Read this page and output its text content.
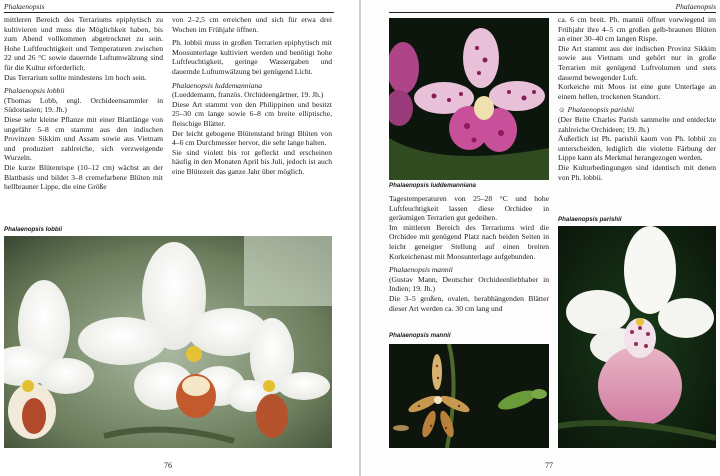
Phalaenopsis

mittleren Bereich des Terrariums epiphytisch zu kultivieren und muss die Möglichkeit haben, bis zum Abend vollkommen abgetrocknet zu sein. Hohe Luftfeuchtigkeit und Temperaturen zwischen 22 und 26 °C sowie dauernde Luftumwälzung sind für die Kultur erforderlich.

Das Terrarium sollte mindestens 1m hoch sein.

Phalaenopsis lobbii

(Thomas Lobb, engl. Orchideensammler in Südostasien; 19. Jh.)

Diese sehr kleine Pflanze mit einer Blattlänge von ungefähr 5–8 cm stammt aus den indischen Provinzen Sikkim und Assam sowie aus Vietnam und produziert zahlreiche, sich verzweigende Wurzeln.

Die kurze Blütenrispe (10–12 cm) wächst an der Blattbasis und bildet 3–8 cremefarbene Blüten mit hellbrauner Lippe, die eine Größe

von 2–2,5 cm erreichen und sich für etwa drei Wochen im Frühjahr öffnen.

Ph. lobbii muss in großen Terrarien epiphytisch mit Moosunterlage kultiviert werden und benötigt hohe Luftfeuchtigkeit, geringe Wassergaben und dauernde Luftumwälzung bei genügend Licht.

Phalaenopsis luddemanniana

(Lueddemann, französ. Orchideengärtner, 19. Jh.)

Diese Art stammt von den Philippinen und besitzt 25–30 cm lange sowie 6–8 cm breite elliptische, fleischige Blätter.

Der leicht gebogene Blütenstand bringt Blüten von 4–6 cm Durchmesser hervor, die sehr lange halten.

Sie sind violett bis rot gefleckt und erscheinen häufig in den Monaten April bis Juli, jedoch ist auch eine Blütezeit das ganze Jahr über möglich.

Phalaenopsis lobbii
76
Phalaenopsis
Phalaenopsis luddemanniana

Tagestemperaturen von 25–28 °C und hohe Luftfeuchtigkeit lassen diese Orchidee in geräumigen Terrarien gut gedeihen.

Im mittleren Bereich des Terrariums wird die Orchidee mit genügend Platz nach beiden Seiten in leicht geneigter Stellung auf einen breiten Korkeichenast mit Moosunterlage aufgebunden.

Phalaenopsis mannii

(Gustav Mann, Deutscher Orchideenliebhaber in Indien; 19. Jh.)

Die 3–5 großen, ovalen, herabhängenden Blätter dieser Art werden ca. 30 cm lang und

Phalaenopsis mannii

ca. 6 cm breit. Ph. mannii öffnet vorwiegend im Frühjahr ihre 4–5 cm großen gelb-braunen Blüten an einer 30–40 cm langen Rispe.

Die Art stammt aus der indischen Provinz Sikkim sowie aus Vietnam und gehört nur in große Terrarien mit genügend Luftvolumen und stets dauernd bewegender Luft.

Korkeiche mit Moos ist eine gute Unterlage an einem hellen, trockenen Standort.

☺ Phalaenopsis parishii

(Der Brite Charles Parish sammelte und entdeckte zahlreiche Orchideen; 19. Jh.)

Äußerlich ist Ph. parishii kaum von Ph. lobbii zu unterscheiden, lediglich die violette Färbung der Lippe kann als Merkmal herangezogen werden.

Die Kulturbedingungen sind identisch mit denen von Ph. lobbii.

Phalaenopsis parishii
77
